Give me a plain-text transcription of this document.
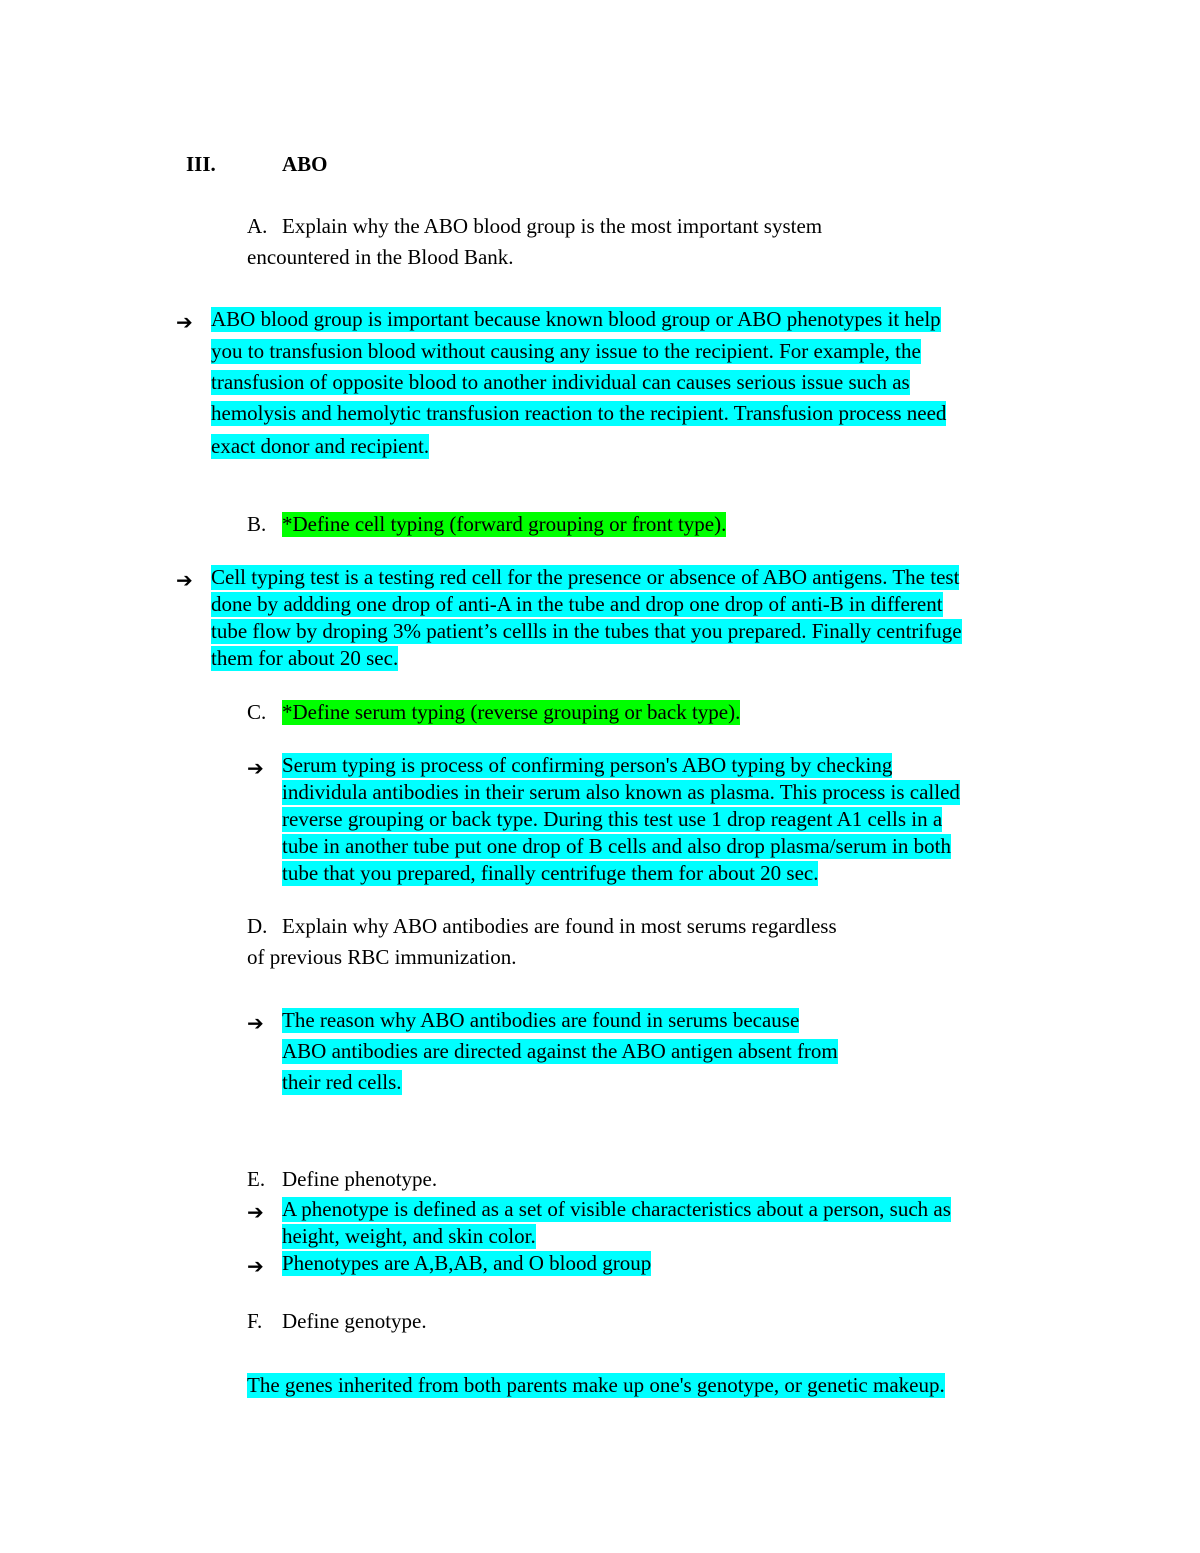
III.	ABO
A. Explain why the ABO blood group is the most important system
encountered in the Blood Bank.
➔ ABO blood group is important because known blood group or ABO phenotypes it help
you to transfusion blood without causing any issue to the recipient. For example, the
transfusion of opposite blood to another individual can causes serious issue such as
hemolysis and hemolytic transfusion reaction to the recipient. Transfusion process need
exact donor and recipient.
B. *Define cell typing (forward grouping or front type).
➔ Cell typing test is a testing red cell for the presence or absence of ABO antigens. The test
done by addding one drop of anti-A in the tube and drop one drop of anti-B in different
tube flow by droping 3% patient’s cellls in the tubes that you prepared. Finally centrifuge
them for about 20 sec.
C. *Define serum typing (reverse grouping or back type).
➔ Serum typing is process of confirming person's ABO typing by checking
individula antibodies in their serum also known as plasma. This process is called
reverse grouping or back type. During this test use 1 drop reagent A1 cells in a
tube in another tube put one drop of B cells and also drop plasma/serum in both
tube that you prepared, finally centrifuge them for about 20 sec.
D. Explain why ABO antibodies are found in most serums regardless
of previous RBC immunization.
➔ The reason why ABO antibodies are found in serums because
ABO antibodies are directed against the ABO antigen absent from
their red cells.
E. Define phenotype.
➔ A phenotype is defined as a set of visible characteristics about a person, such as
height, weight, and skin color.
➔ Phenotypes are A,B,AB, and O blood group
F. Define genotype.
The genes inherited from both parents make up one's genotype, or genetic makeup.
